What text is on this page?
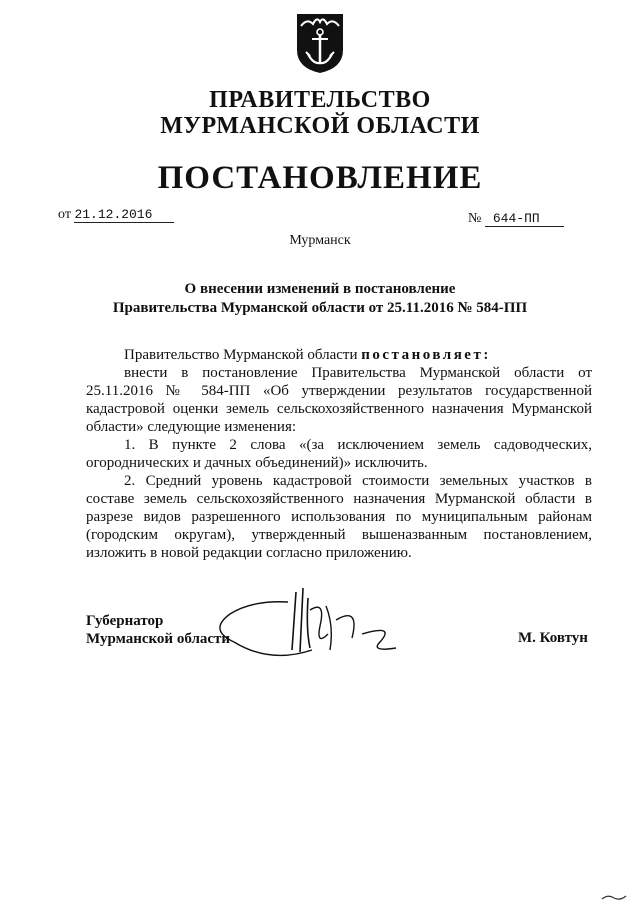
ПРАВИТЕЛЬСТВО
МУРМАНСКОЙ ОБЛАСТИ
ПОСТАНОВЛЕНИЕ
от 21.12.2016	№ 644-ПП
Мурманск
О внесении изменений в постановление
Правительства Мурманской области от 25.11.2016 № 584-ПП
Правительство Мурманской области постановляет:
внести в постановление Правительства Мурманской области от 25.11.2016 № 584-ПП «Об утверждении результатов государственной кадастровой оценки земель сельскохозяйственного назначения Мурманской области» следующие изменения:
1. В пункте 2 слова «(за исключением земель садоводческих, огороднических и дачных объединений)» исключить.
2. Средний уровень кадастровой стоимости земельных участков в составе земель сельскохозяйственного назначения Мурманской области в разрезе видов разрешенного использования по муниципальным районам (городским округам), утвержденный вышеназванным постановлением, изложить в новой редакции согласно приложению.
Губернатор
Мурманской области	М. Ковтун
